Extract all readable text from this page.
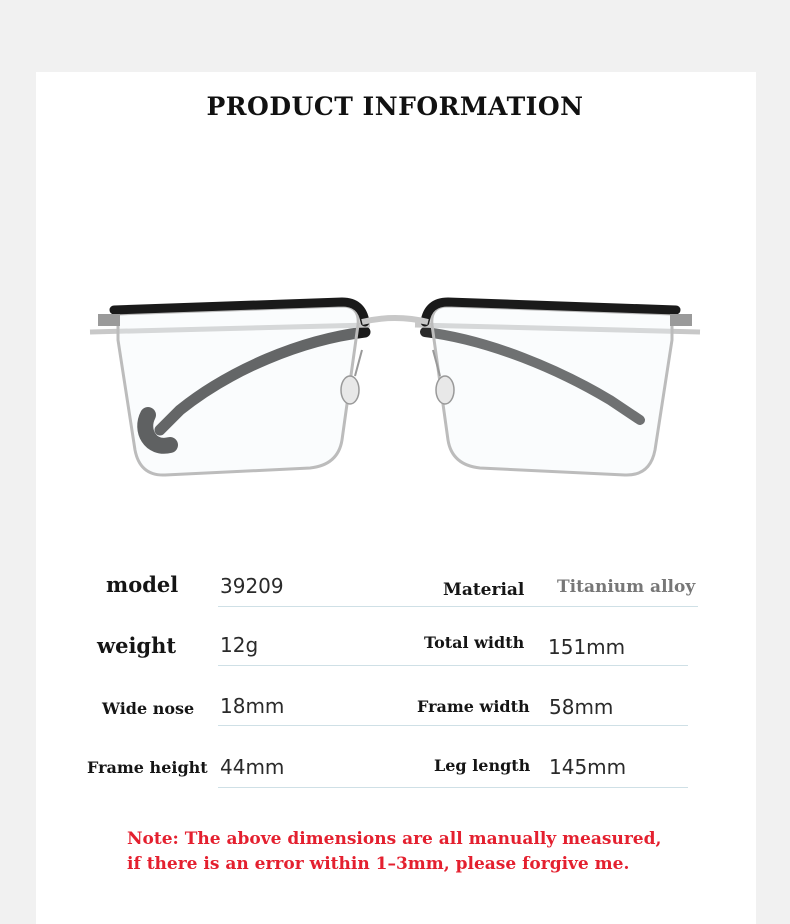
PRODUCT INFORMATION
model 39209	Material Titanium alloy
weight 12g	Total width 151mm
Wide nose 18mm	Frame width 58mm
Frame height 44mm	Leg length 145mm
Note: The above dimensions are all manually measured,
if there is an error within 1–3mm, please forgive me.
